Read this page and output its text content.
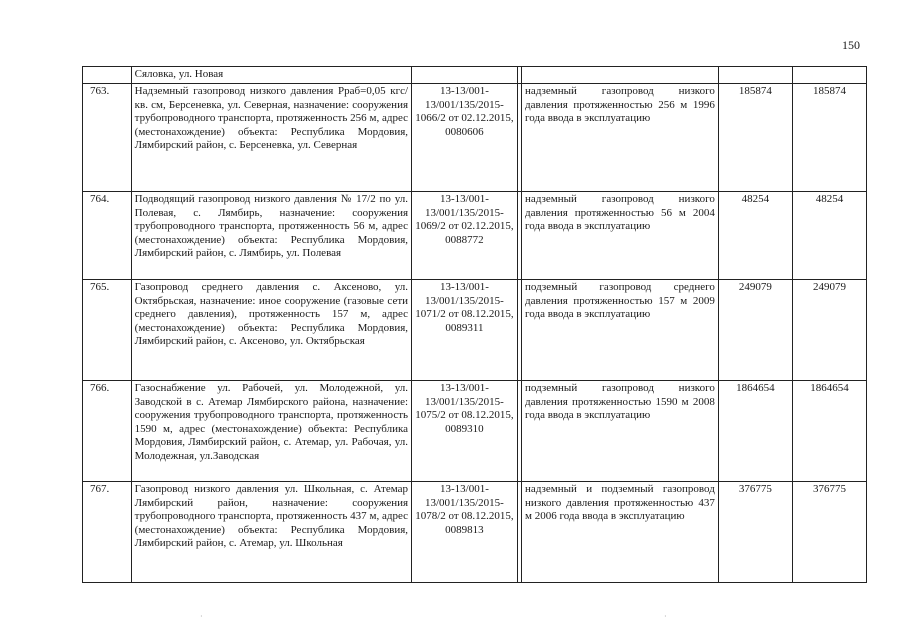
150
	Сяловка, ул. Новая					
763.	Надземный газопровод низкого давления Рраб=0,05 кгс/кв. см, Берсеневка, ул. Северная, назначение: сооружения трубопроводного транспорта, протяженность 256 м, адрес (местонахождение) объекта: Республика Мордовия, Лямбирский район, с. Берсеневка, ул. Северная	13-13/001-13/001/135/2015-1066/2 от 02.12.2015, 0080606		надземный газопровод низкого давления протяженностью 256 м 1996 года ввода в эксплуатацию	185874	185874
764.	Подводящий газопровод низкого давления № 17/2 по ул. Полевая, с. Лямбирь, назначение: сооружения трубопроводного транспорта, протяженность 56 м, адрес (местонахождение) объекта: Республика Мордовия, Лямбирский район, с. Лямбирь, ул. Полевая	13-13/001-13/001/135/2015-1069/2 от 02.12.2015, 0088772		надземный газопровод низкого давления протяженностью 56 м 2004 года ввода в эксплуатацию	48254	48254
765.	Газопровод среднего давления с. Аксеново, ул. Октябрьская, назначение: иное сооружение (газовые сети среднего давления), протяженность 157 м, адрес (местонахождение) объекта: Республика Мордовия, Лямбирский район, с. Аксеново, ул. Октябрьская	13-13/001-13/001/135/2015-1071/2 от 08.12.2015, 0089311		подземный газопровод среднего давления протяженностью 157 м 2009 года ввода в эксплуатацию	249079	249079
766.	Газоснабжение ул. Рабочей, ул. Молодежной, ул. Заводской в с. Атемар Лямбирского района, назначение: сооружения трубопроводного транспорта, протяженность 1590 м, адрес (местонахождение) объекта: Республика Мордовия, Лямбирский район, с. Атемар, ул. Рабочая, ул. Молодежная, ул.Заводская	13-13/001-13/001/135/2015-1075/2 от 08.12.2015, 0089310		подземный газопровод низкого давления протяженностью 1590 м 2008 года ввода в эксплуатацию	1864654	1864654
767.	Газопровод низкого давления ул. Школьная, с. Атемар Лямбирский район, назначение: сооружения трубопроводного транспорта, протяженность 437 м, адрес (местонахождение) объекта: Республика Мордовия, Лямбирский район, с. Атемар, ул. Школьная	13-13/001-13/001/135/2015-1078/2 от 08.12.2015, 0089813		надземный и подземный газопровод низкого давления протяженностью 437 м 2006 года ввода в эксплуатацию	376775	376775
·	·
